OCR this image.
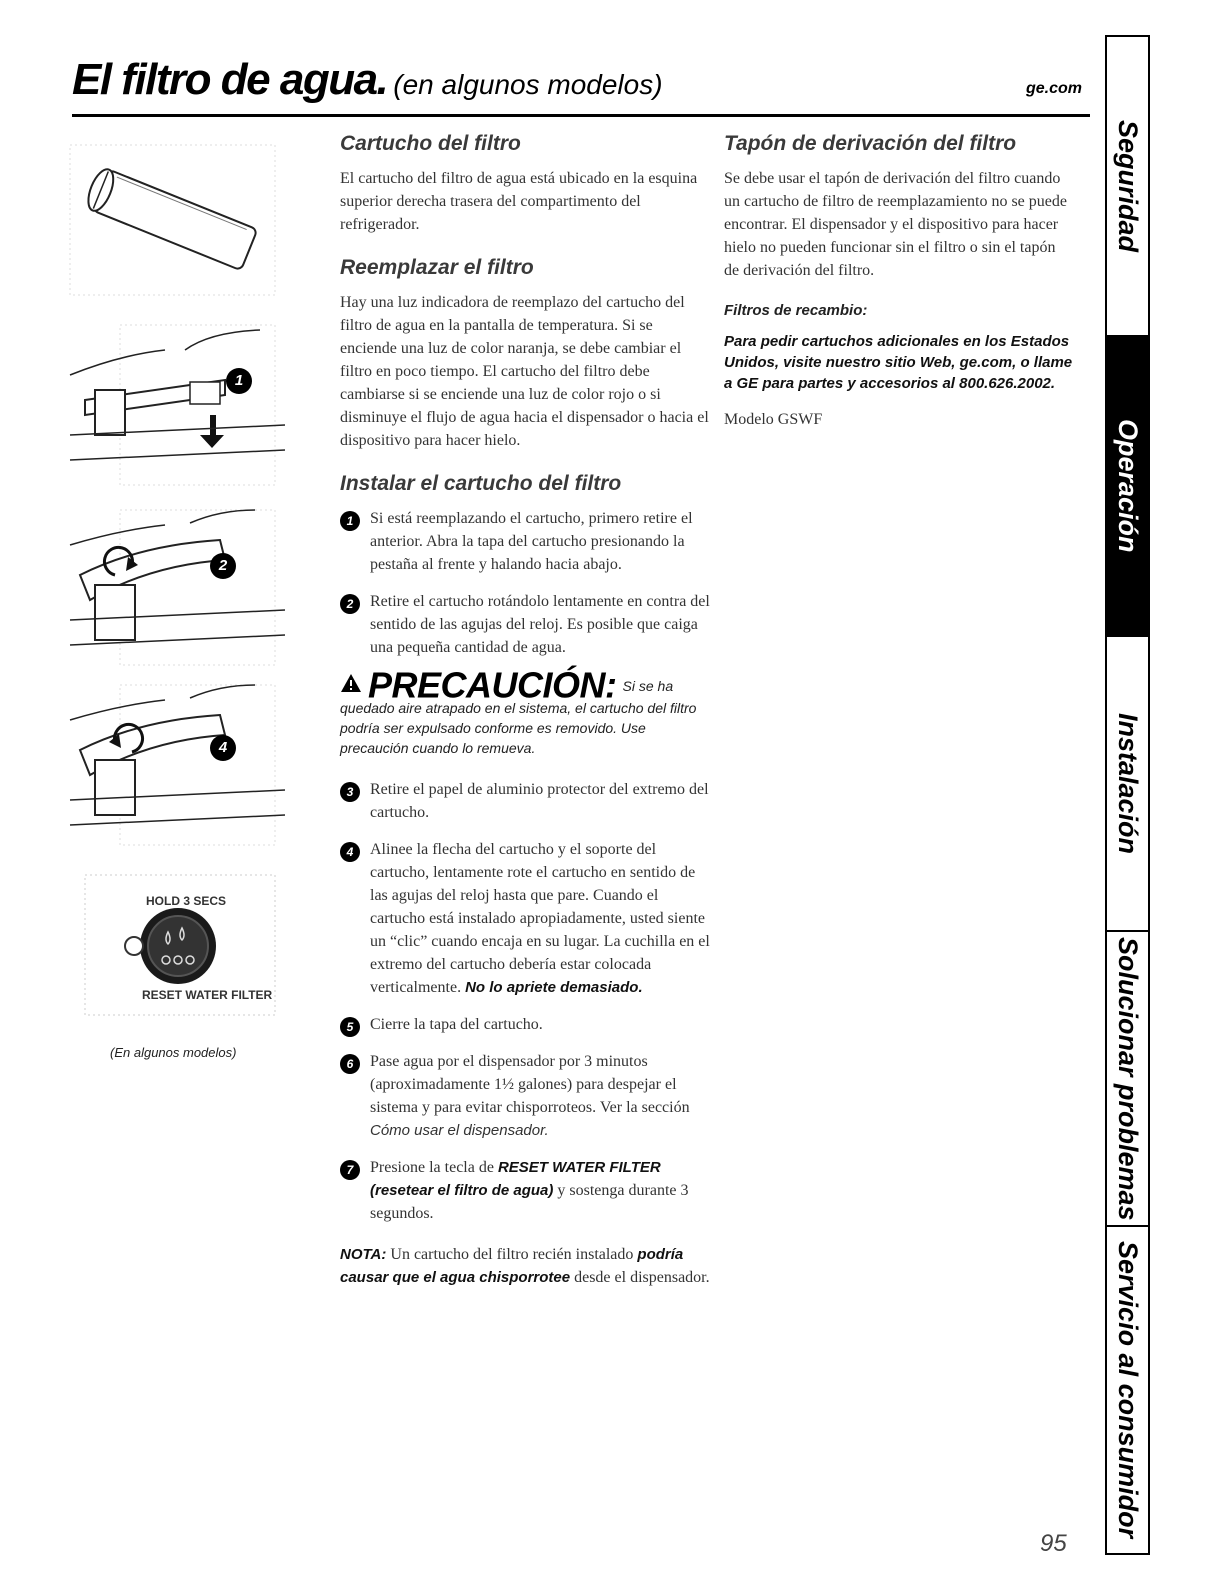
El filtro de agua. (en algunos modelos)	ge.com
1
2
4
HOLD 3 SECS
RESET WATER FILTER
(En algunos modelos)
Cartucho del filtro

El cartucho del filtro de agua está ubicado en la esquina superior derecha trasera del compartimento del refrigerador.

Reemplazar el filtro

Hay una luz indicadora de reemplazo del cartucho del filtro de agua en la pantalla de temperatura. Si se enciende una luz de color naranja, se debe cambiar el filtro en poco tiempo. El cartucho del filtro debe cambiarse si se enciende una luz de color rojo o si disminuye el flujo de agua hacia el dispensador o hacia el dispositivo para hacer hielo.

Instalar el cartucho del filtro
1	Si está reemplazando el cartucho, primero retire el anterior. Abra la tapa del cartucho presionando la pestaña al frente y halando hacia abajo.
2	Retire el cartucho rotándolo lentamente en contra del sentido de las agujas del reloj. Es posible que caiga una pequeña cantidad de agua.
PRECAUCIÓN: Si se ha
quedado aire atrapado en el sistema, el cartucho del filtro podría ser expulsado conforme es removido. Use precaución cuando lo remueva.
3	Retire el papel de aluminio protector del extremo del cartucho.
4	Alinee la flecha del cartucho y el soporte del cartucho, lentamente rote el cartucho en sentido de las agujas del reloj hasta que pare. Cuando el cartucho está instalado apropiadamente, usted siente un “clic” cuando encaja en su lugar. La cuchilla en el extremo del cartucho debería estar colocada verticalmente. No lo apriete demasiado.
5	Cierre la tapa del cartucho.
6	Pase agua por el dispensador por 3 minutos (aproximadamente 1½ galones) para despejar el sistema y para evitar chisporroteos. Ver la sección Cómo usar el dispensador.
7	Presione la tecla de RESET WATER FILTER (resetear el filtro de agua) y sostenga durante 3 segundos.

NOTA: Un cartucho del filtro recién instalado podría causar que el agua chisporrotee desde el dispensador.

Tapón de derivación del filtro

Se debe usar el tapón de derivación del filtro cuando un cartucho de filtro de reemplazamiento no se puede encontrar. El dispensador y el dispositivo para hacer hielo no pueden funcionar sin el filtro o sin el tapón de derivación del filtro.

Filtros de recambio:
Para pedir cartuchos adicionales en los Estados Unidos, visite nuestro sitio Web, ge.com, o llame a GE para partes y accesorios al 800.626.2002.

Modelo GSWF

95
Seguridad
Operación
Instalación
Solucionar problemas
Servicio al consumidor
